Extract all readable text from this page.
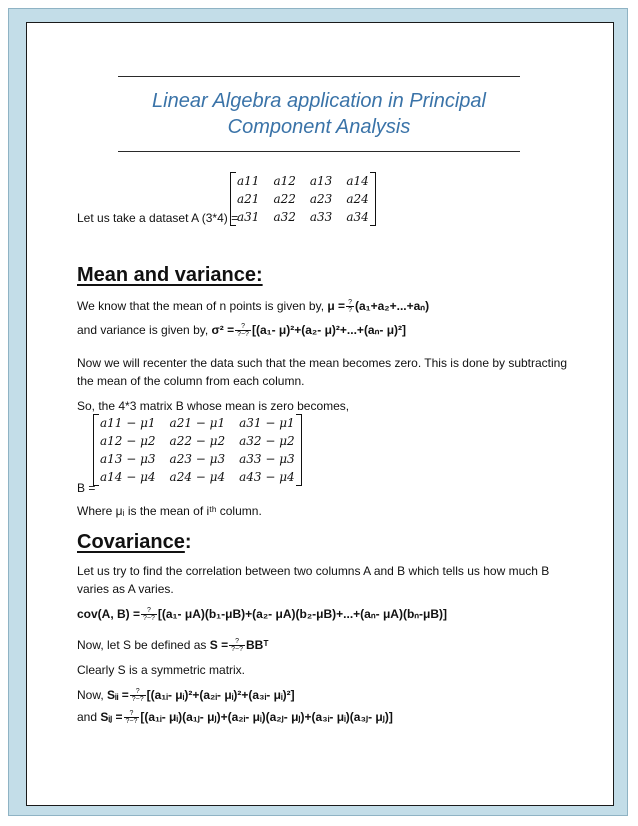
Linear Algebra application in Principal Component Analysis
Let us take a dataset A (3*4) =
a11	a12	a13	a14
a21	a22	a23	a24
a31	a32	a33	a34
Mean and variance:
We know that the mean of n points is given by, $\mu = \frac{?}{?} (a_1+a_2+...+a_n)$
and variance is given by, $\sigma^2 = \frac{?}{?-?} [(a_1-$ μ)²+(a₂- μ)²+...+(aₙ- μ)²]
Now we will recenter the data such that the mean becomes zero. This is done by subtracting
the mean of the column from each column.
So, the 4*3 matrix B whose mean is zero becomes,
B =
a11 − μ1	a21 − μ1	a31 − μ1
a12 − μ2	a22 − μ2	a32 − μ2
a13 − μ3	a23 − μ3	a33 − μ3
a14 − μ4	a24 − μ4	a43 − μ4
Where μᵢ is the mean of iᵗʰ column.
Covariance:
Let us try to find the correlation between two columns A and B which tells us how much B
varies as A varies.
cov(A, $B) = \frac{?}{?-?} [(a_1-$ μA)(b₁-μB)+(a₂- μA)(b₂-μB)+...+(aₙ- μA)(bₙ-μB)]
Now, let S be defined as $S = \frac{?}{?-?}$ BBᵀ
Clearly S is a symmetric matrix.
Now, Sᵢᵢ = $\frac{?}{?-?}$ [(a₁ᵢ- μᵢ)²+(a₂ᵢ- μᵢ)²+(a₃ᵢ- μᵢ)²]
and Sᵢⱼ = $\frac{?}{?-?}$ [(a₁ᵢ- μᵢ)(a₁ⱼ- μⱼ)+(a₂ᵢ- μᵢ)(a₂ⱼ- μⱼ)+(a₃ᵢ- μᵢ)(a₃ⱼ- μⱼ)]
